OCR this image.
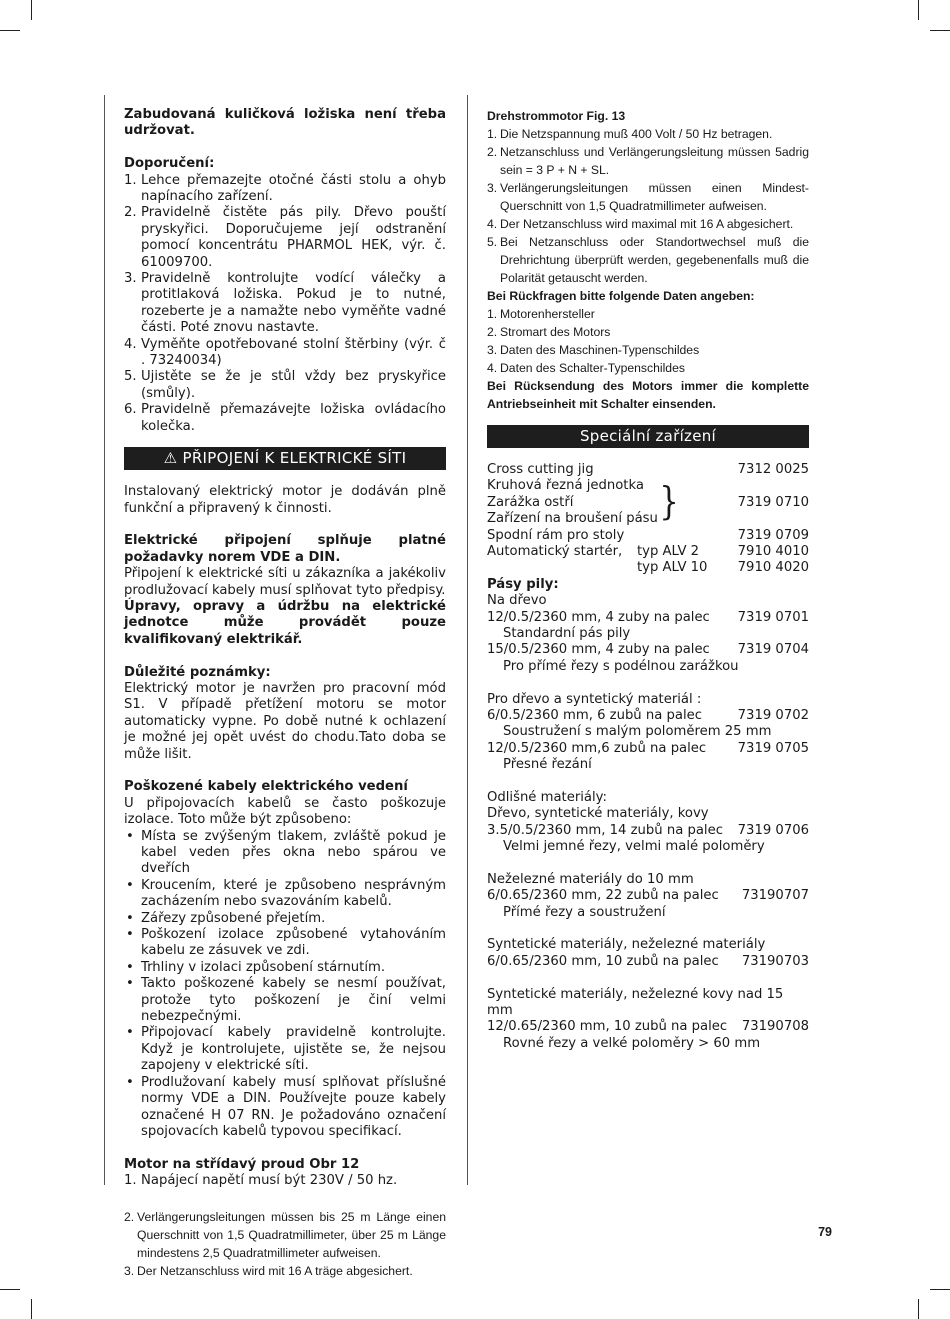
Zabudovaná kuličková ložiska není třeba udržovat.

Doporučení:

1. Lehce přemazejte otočné části stolu a ohyb napínacího zařízení.
2. Pravidelně čistěte pás pily. Dřevo pouští pryskyřici. Doporučujeme její odstranění pomocí koncentrátu PHARMOL HEK, výr. č. 61009700.
3. Pravidelně kontrolujte vodící válečky a protitlaková ložiska. Pokud je to nutné, rozeberte je a namažte nebo vyměňte vadné části. Poté znovu nastavte.
4. Vyměňte opotřebované stolní štěrbiny (výr. č . 73240034)
5. Ujistěte se že je stůl vždy bez pryskyřice (smůly).
6. Pravidelně přemazávejte ložiska ovládacího kolečka.
⚠ PŘIPOJENÍ K ELEKTRICKÉ SÍTI

Instalovaný elektrický motor je dodáván plně funkční a připravený k činnosti.

Elektrické připojení splňuje platné požadavky norem VDE a DIN.

Připojení k elektrické síti u zákazníka a jakékoliv prodlužovací kabely musí splňovat tyto předpisy.

Úpravy, opravy a údržbu na elektrické jednotce může provádět pouze kvalifikovaný elektrikář.

Důležité poznámky:

Elektrický motor je navržen pro pracovní mód S1. V případě přetížení motoru se motor automaticky vypne. Po době nutné k ochlazení je možné jej opět uvést do chodu.Tato doba se může lišit.

Poškozené kabely elektrického vedení

U připojovacích kabelů se často poškozuje izolace. Toto může být způsobeno:

• Místa se zvýšeným tlakem, zvláště pokud je kabel veden přes okna nebo spárou ve dveřích
• Kroucením, které je způsobeno nesprávným zacházením nebo svazováním kabelů.
• Zářezy způsobené přejetím.
• Poškození izolace způsobené vytahováním kabelu ze zásuvek ve zdi.
• Trhliny v izolaci způsobení stárnutím.
• Takto poškozené kabely se nesmí používat, protože tyto poškození je činí velmi nebezpečnými.
• Připojovací kabely pravidelně kontrolujte. Když je kontrolujete, ujistěte se, že nejsou zapojeny v elektrické síti.
• Prodlužovaní kabely musí splňovat příslušné normy VDE a DIN. Používejte pouze kabely označené H 07 RN. Je požadováno označení spojovacích kabelů typovou specifikací.

Motor na střídavý proud Obr 12

1. Napájecí napětí musí být 230V / 50 hz.
2. Verlängerungsleitungen müssen bis 25 m Länge einen Querschnitt von 1,5 Quadratmillimeter, über 25 m Länge mindestens 2,5 Quadratmillimeter aufweisen.
3. Der Netzanschluss wird mit 16 A träge abgesichert.

Drehstrommotor Fig. 13

1. Die Netzspannung muß 400 Volt / 50 Hz betragen.
2. Netzanschluss und Verlängerungsleitung müssen 5adrig sein = 3 P + N + SL.
3. Verlängerungsleitungen müssen einen Mindest-Querschnitt von 1,5 Quadratmillimeter aufweisen.
4. Der Netzanschluss wird maximal mit 16 A abgesichert.
5. Bei Netzanschluss oder Standortwechsel muß die Drehrichtung überprüft werden, gegebenenfalls muß die Polarität getauscht werden.

Bei Rückfragen bitte folgende Daten angeben:

1. Motorenhersteller
2. Stromart des Motors
3. Daten des Maschinen-Typenschildes
4. Daten des Schalter-Typenschildes

Bei Rücksendung des Motors immer die komplette Antriebseinheit mit Schalter einsenden.

Speciální zařízení
Cross cutting jig	7312 0025
Kruhová řezná jednotka
Zarážka ostří	7319 0710
Zařízení na broušení pásu }
Spodní rám pro stoly	7319 0709
Automatický startér, typ ALV 2	7910 4010
typ ALV 10 7910 4020

Pásy pily:

Na dřevo

12/0.5/2360 mm, 4 zuby na palec 7319 0701
Standardní pás pily
15/0.5/2360 mm, 4 zuby na palec 7319 0704
Pro přímé řezy s podélnou zarážkou

Pro dřevo a syntetický materiál :

6/0.5/2360 mm, 6 zubů na palec	7319 0702
Soustružení s malým poloměrem 25 mm
12/0.5/2360 mm,6 zubů na palec 7319 0705
Přesné řezání

Odlišné materiály:

Dřevo, syntetické materiály, kovy

3.5/0.5/2360 mm, 14 zubů na palec 7319 0706
Velmi jemné řezy, velmi malé poloměry

Neželezné materiály do 10 mm

6/0.65/2360 mm, 22 zubů na palec 73190707
Přímé řezy a soustružení

Syntetické materiály, neželezné materiály

6/0.65/2360 mm, 10 zubů na palec 73190703

Syntetické materiály, neželezné kovy nad 15 mm

12/0.65/2360 mm, 10 zubů na palec 73190708
Rovné řezy a velké poloměry > 60 mm
79
